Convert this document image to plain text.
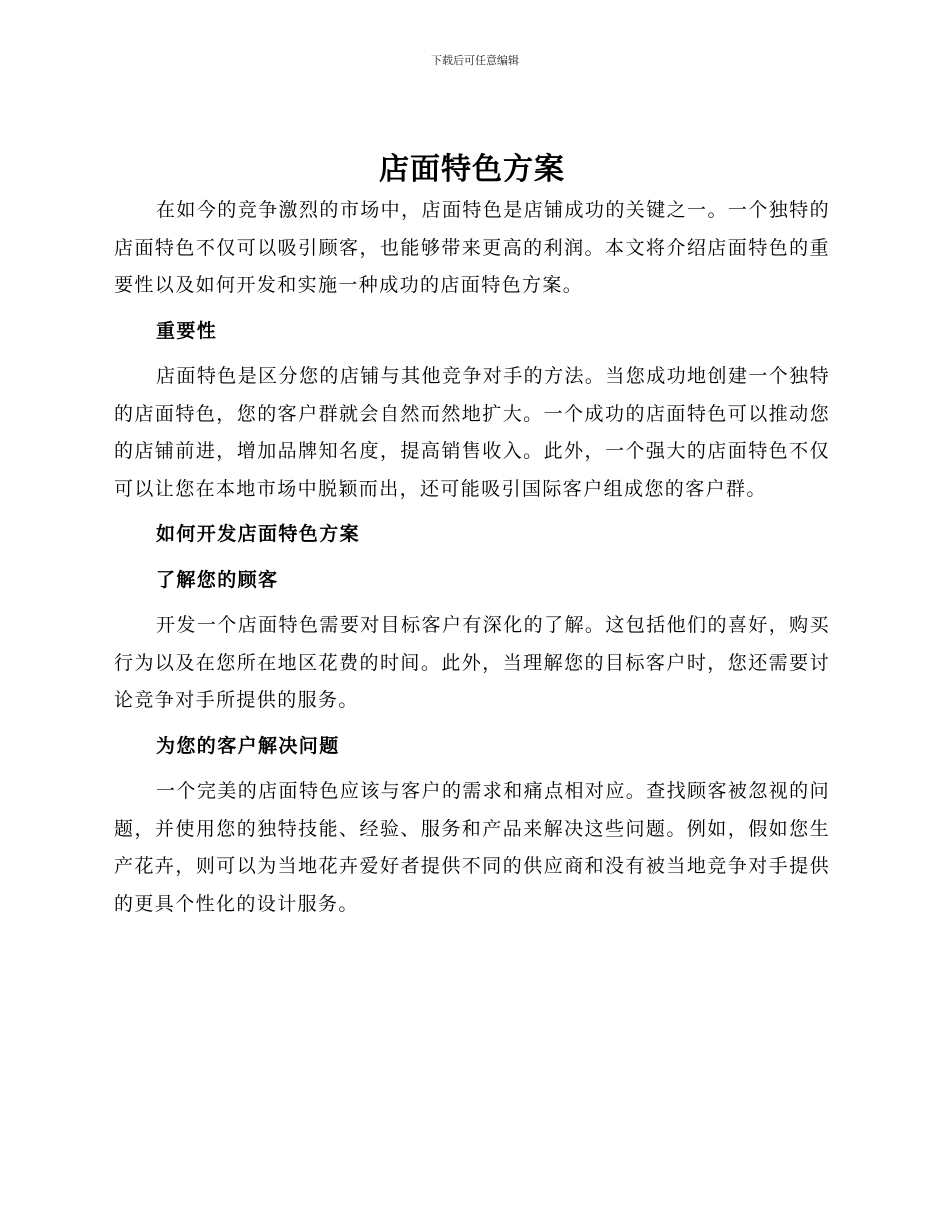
下载后可任意编辑
店面特色方案

在如今的竞争激烈的市场中，店面特色是店铺成功的关键之一。一个独特的店面特色不仅可以吸引顾客，也能够带来更高的利润。本文将介绍店面特色的重要性以及如何开发和实施一种成功的店面特色方案。

重要性

店面特色是区分您的店铺与其他竞争对手的方法。当您成功地创建一个独特的店面特色，您的客户群就会自然而然地扩大。一个成功的店面特色可以推动您的店铺前进，增加品牌知名度，提高销售收入。此外，一个强大的店面特色不仅可以让您在本地市场中脱颖而出，还可能吸引国际客户组成您的客户群。

如何开发店面特色方案
了解您的顾客

开发一个店面特色需要对目标客户有深化的了解。这包括他们的喜好，购买行为以及在您所在地区花费的时间。此外，当理解您的目标客户时，您还需要讨论竞争对手所提供的服务。

为您的客户解决问题

一个完美的店面特色应该与客户的需求和痛点相对应。查找顾客被忽视的问题，并使用您的独特技能、经验、服务和产品来解决这些问题。例如，假如您生产花卉，则可以为当地花卉爱好者提供不同的供应商和没有被当地竞争对手提供的更具个性化的设计服务。
